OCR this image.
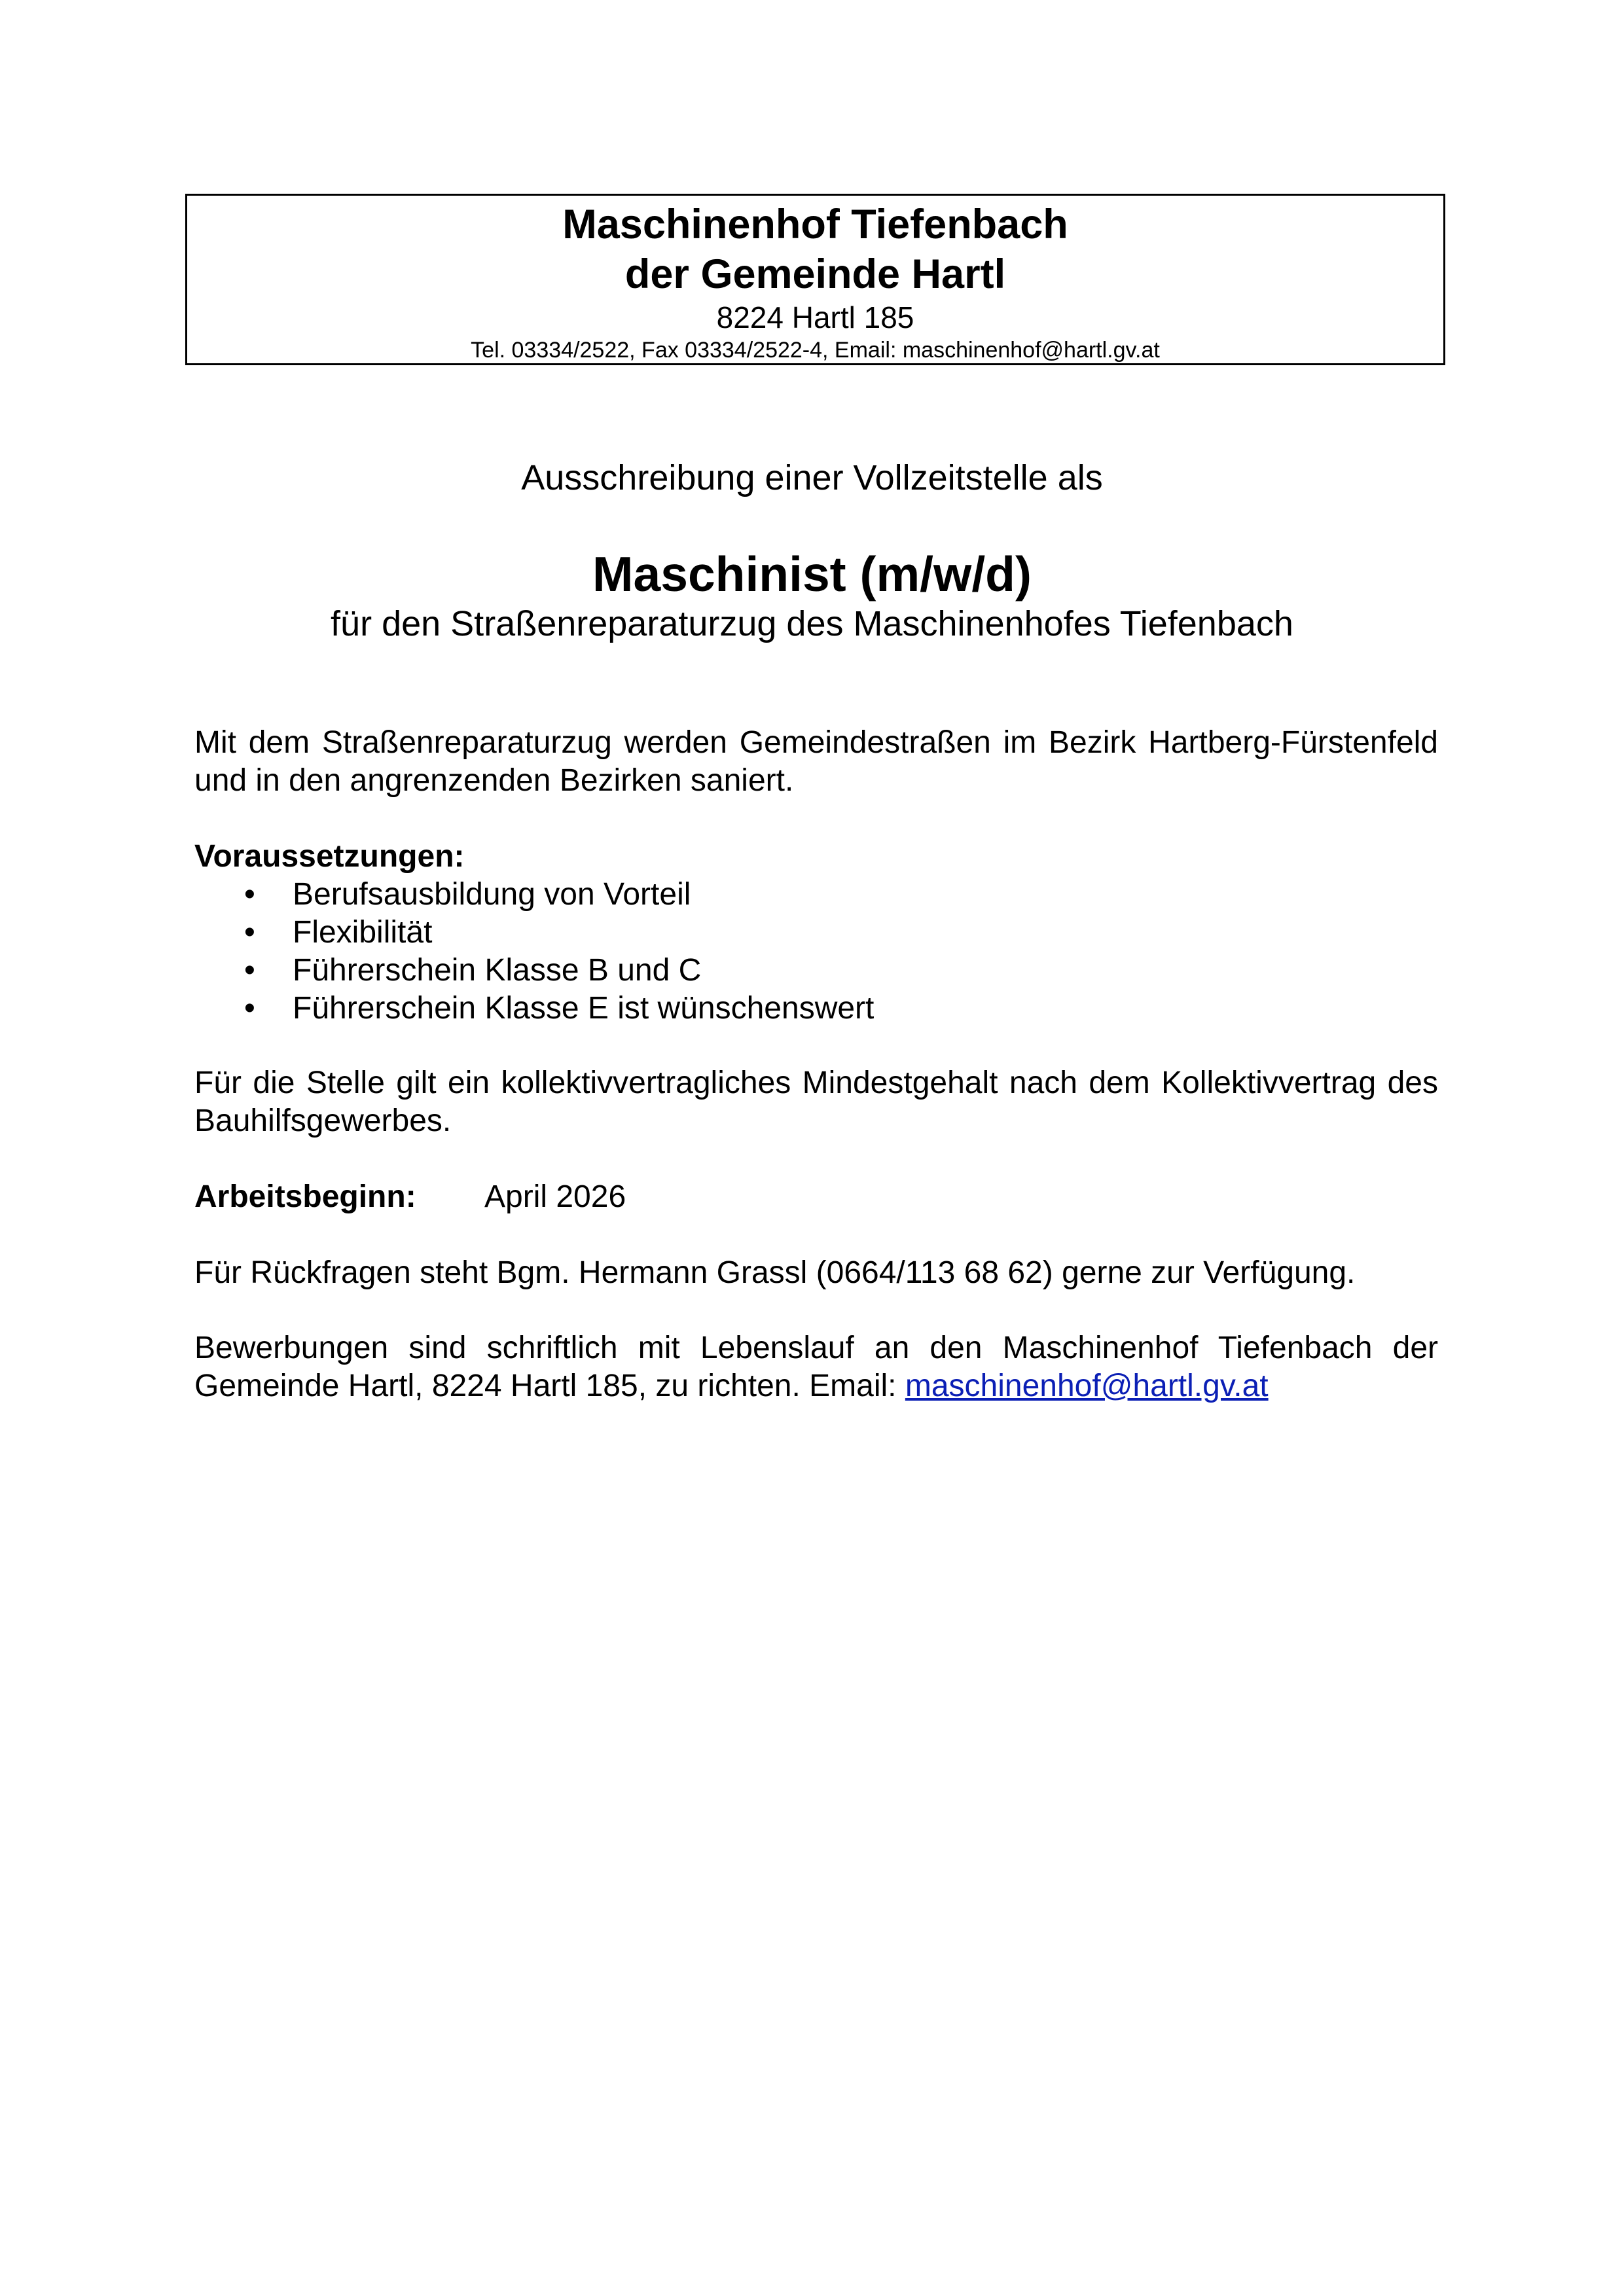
Maschinenhof Tiefenbach

der Gemeinde Hartl

8224 Hartl 185

Tel. 03334/2522, Fax 03334/2522-4, Email: maschinenhof@hartl.gv.at

Ausschreibung einer Vollzeitstelle als

Maschinist (m/w/d)

für den Straßenreparaturzug des Maschinenhofes Tiefenbach

Mit dem Straßenreparaturzug werden Gemeindestraßen im Bezirk Hartberg-Fürstenfeld und in den angrenzenden Bezirken saniert.

Voraussetzungen:
• Berufsausbildung von Vorteil
• Flexibilität
• Führerschein Klasse B und C
• Führerschein Klasse E ist wünschenswert

Für die Stelle gilt ein kollektivvertragliches Mindestgehalt nach dem Kollektivvertrag des Bauhilfsgewerbes.

Arbeitsbeginn:	April 2026

Für Rückfragen steht Bgm. Hermann Grassl (0664/113 68 62) gerne zur Verfügung.

Bewerbungen sind schriftlich mit Lebenslauf an den Maschinenhof Tiefenbach der Gemeinde Hartl, 8224 Hartl 185, zu richten. Email: maschinenhof@hartl.gv.at
